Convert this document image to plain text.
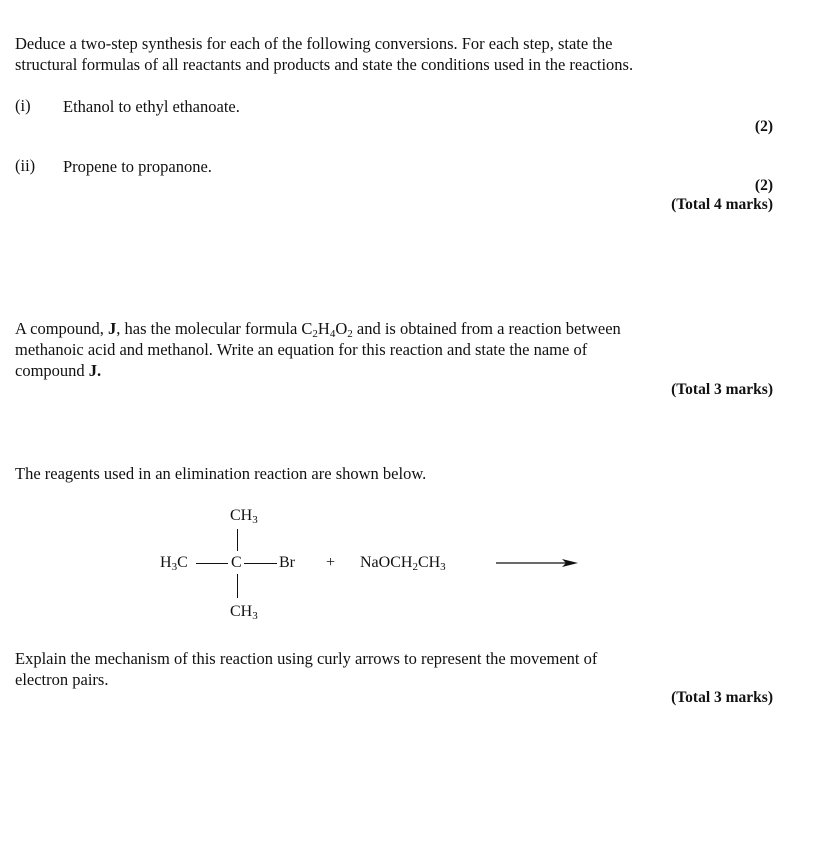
Deduce a two-step synthesis for each of the following conversions. For each step, state the
structural formulas of all reactants and products and state the conditions used in the reactions.
(i) Ethanol to ethyl ethanoate.
(2)
(ii) Propene to propanone.
(2)
(Total 4 marks)
A compound, J, has the molecular formula $C_2H_4O_2$ and is obtained from a reaction between
methanoic acid and methanol. Write an equation for this reaction and state the name of
compound J.
(Total 3 marks)
The reagents used in an elimination reaction are shown below.
$CH_3$
$H_3C$	C Br
$CH_3$
+ $NaOCH_2CH_3$
Explain the mechanism of this reaction using curly arrows to represent the movement of
electron pairs.
(Total 3 marks)
